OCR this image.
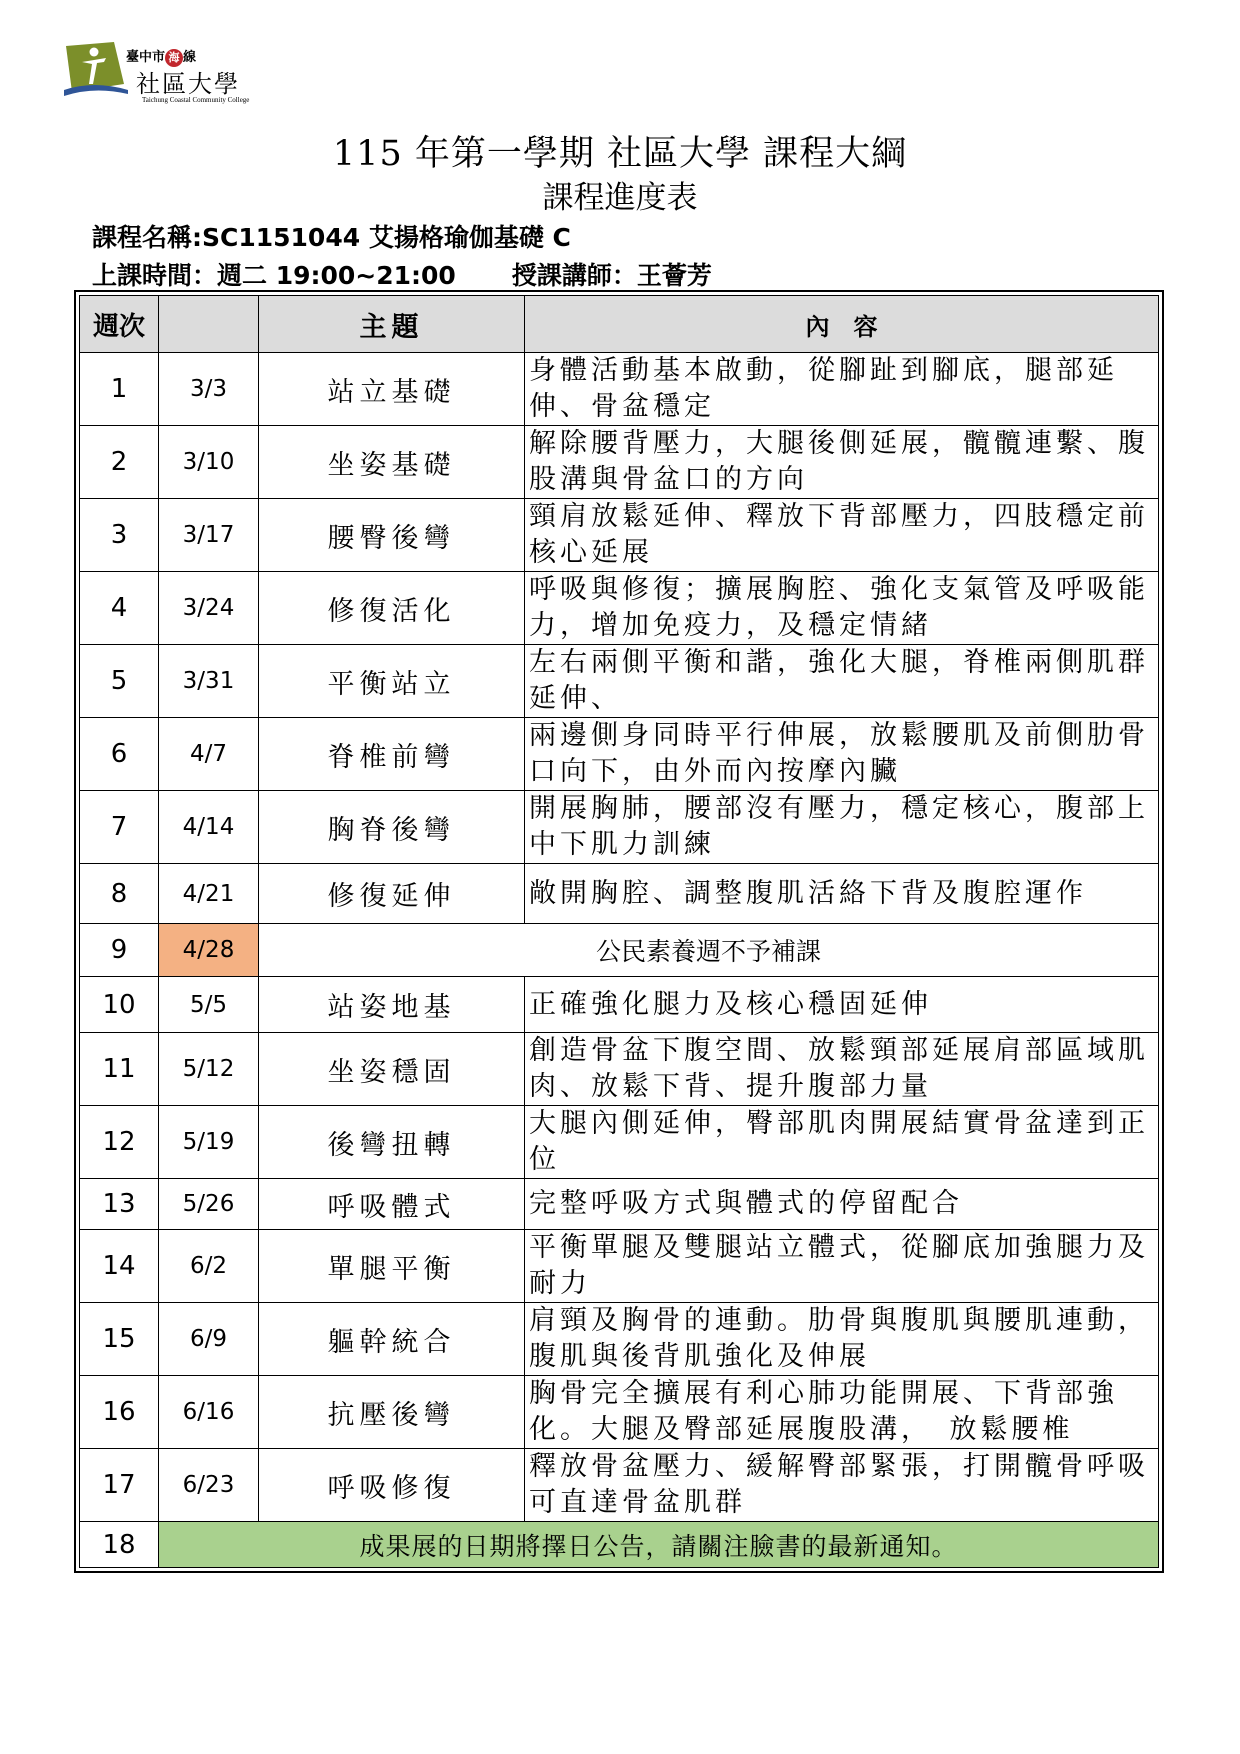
臺中市 海 線
社區大學
Taichung Coastal Community College
115 年第一學期 社區大學 課程大綱
課程進度表
課程名稱:SC1151044 艾揚格瑜伽基礎 C
上課時間：週二 19:00~21:00 授課講師：王薈芳
週次		主題	內　容
1	3/3	站立基礎	身體活動基本啟動，從腳趾到腳底，腿部延伸、骨盆穩定
2	3/10	坐姿基礎	解除腰背壓力，大腿後側延展，髖髖連繫、腹股溝與骨盆口的方向
3	3/17	腰臀後彎	頸肩放鬆延伸、釋放下背部壓力，四肢穩定前核心延展
4	3/24	修復活化	呼吸與修復；擴展胸腔、強化支氣管及呼吸能力，增加免疫力，及穩定情緒
5	3/31	平衡站立	左右兩側平衡和諧，強化大腿，脊椎兩側肌群延伸、
6	4/7	脊椎前彎	兩邊側身同時平行伸展，放鬆腰肌及前側肋骨口向下，由外而內按摩內臟
7	4/14	胸脊後彎	開展胸肺，腰部沒有壓力，穩定核心，腹部上中下肌力訓練
8	4/21	修復延伸	敞開胸腔、調整腹肌活絡下背及腹腔運作
9	4/28	公民素養週不予補課	
10	5/5	站姿地基	正確強化腿力及核心穩固延伸
11	5/12	坐姿穩固	創造骨盆下腹空間、放鬆頸部延展肩部區域肌肉、放鬆下背、提升腹部力量
12	5/19	後彎扭轉	大腿內側延伸，臀部肌肉開展結實骨盆達到正位
13	5/26	呼吸體式	完整呼吸方式與體式的停留配合
14	6/2	單腿平衡	平衡單腿及雙腿站立體式，從腳底加強腿力及耐力
15	6/9	軀幹統合	肩頸及胸骨的連動。肋骨與腹肌與腰肌連動，腹肌與後背肌強化及伸展
16	6/16	抗壓後彎	胸骨完全擴展有利心肺功能開展、下背部強化。大腿及臀部延展腹股溝，　放鬆腰椎
17	6/23	呼吸修復	釋放骨盆壓力、緩解臀部緊張，打開髖骨呼吸可直達骨盆肌群
18	成果展的日期將擇日公告，請關注臉書的最新通知。		
